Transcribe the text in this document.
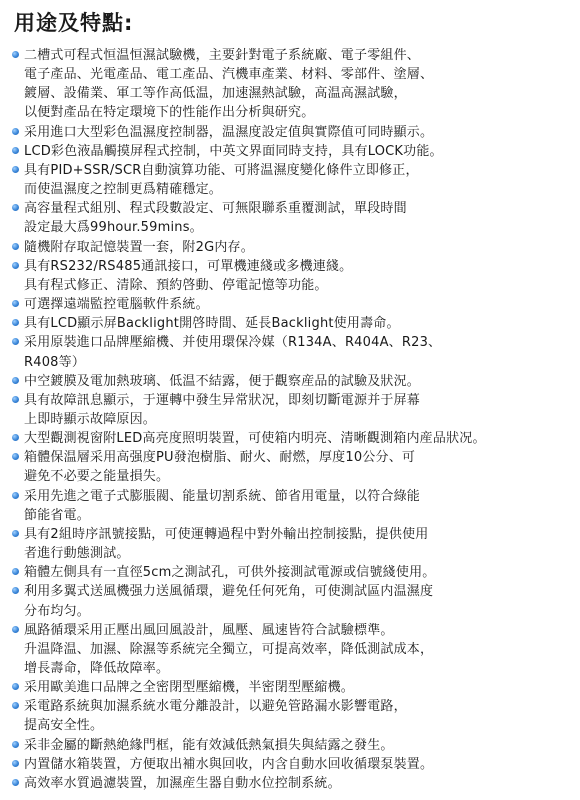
用途及特點:
二槽式可程式恒温恒濕試驗機，主要針對電子系統廠、電子零組件、
電子產品、光電產品、電工產品、汽機車產業、材料、零部件、塗層、
鍍層、設備業、軍工等作高低温，加速濕熱試驗，高温高濕試驗，
以便對產品在特定環境下的性能作出分析與研究。
采用進口大型彩色温濕度控制器，温濕度設定值與實際值可同時顯示。
LCD彩色液晶觸摸屏程式控制，中英文界面同時支持，具有LOCK功能。
具有PID+SSR/SCR自動演算功能、可將温濕度變化條件立即修正，
而使温濕度之控制更爲精確穩定。
高容量程式組別、程式段數設定、可無限聯系重覆測試，單段時間
設定最大爲99hour.59mins。
隨機附存取記憶裝置一套，附2G内存。
具有RS232/RS485通訊接口，可單機連綫或多機連綫。
具有程式修正、清除、預約啓動、停電記憶等功能。
可選擇遠端監控電腦軟件系統。
具有LCD顯示屏Backlight開啓時間、延長Backlight使用壽命。
采用原裝進口品牌壓縮機、并使用環保冷媒（R134A、R404A、R23、
R408等）
中空鍍膜及電加熱玻璃、低温不結露，便于觀察産品的試驗及狀況。
具有故障訊息顯示，于運轉中發生异常狀况，即刻切斷電源并于屏幕
上即時顯示故障原因。
大型觀測視窗附LED高亮度照明裝置，可使箱内明亮、清晰觀測箱内産品狀况。
箱體保温層采用高强度PU發泡樹脂、耐火、耐燃，厚度10公分、可
避免不必要之能量損失。
采用先進之電子式膨脹閥、能量切割系統、節省用電量，以符合綠能
節能省電。
具有2組時序訊號接點，可使運轉過程中對外輸出控制接點，提供使用
者進行動態測試。
箱體左側具有一直徑5cm之測試孔，可供外接測試電源或信號綫使用。
利用多翼式送風機强力送風循環，避免任何死角，可使測試區内温濕度
分布均匀。
風路循環采用正壓出風回風設計，風壓、風速皆符合試驗標準。
升温降温、加濕、除濕等系統完全獨立，可提高效率，降低測試成本，
增長壽命，降低故障率。
采用歐美進口品牌之全密閉型壓縮機，半密閉型壓縮機。
采電路系統與加濕系統水電分離設計，以避免管路漏水影響電路，
提高安全性。
采非金屬的斷熱絶緣門框，能有效減低熱氣損失與結露之發生。
内置儲水箱裝置，方便取出補水與回收，内含自動水回收循環泵裝置。
高效率水質過濾裝置，加濕産生器自動水位控制系統。
